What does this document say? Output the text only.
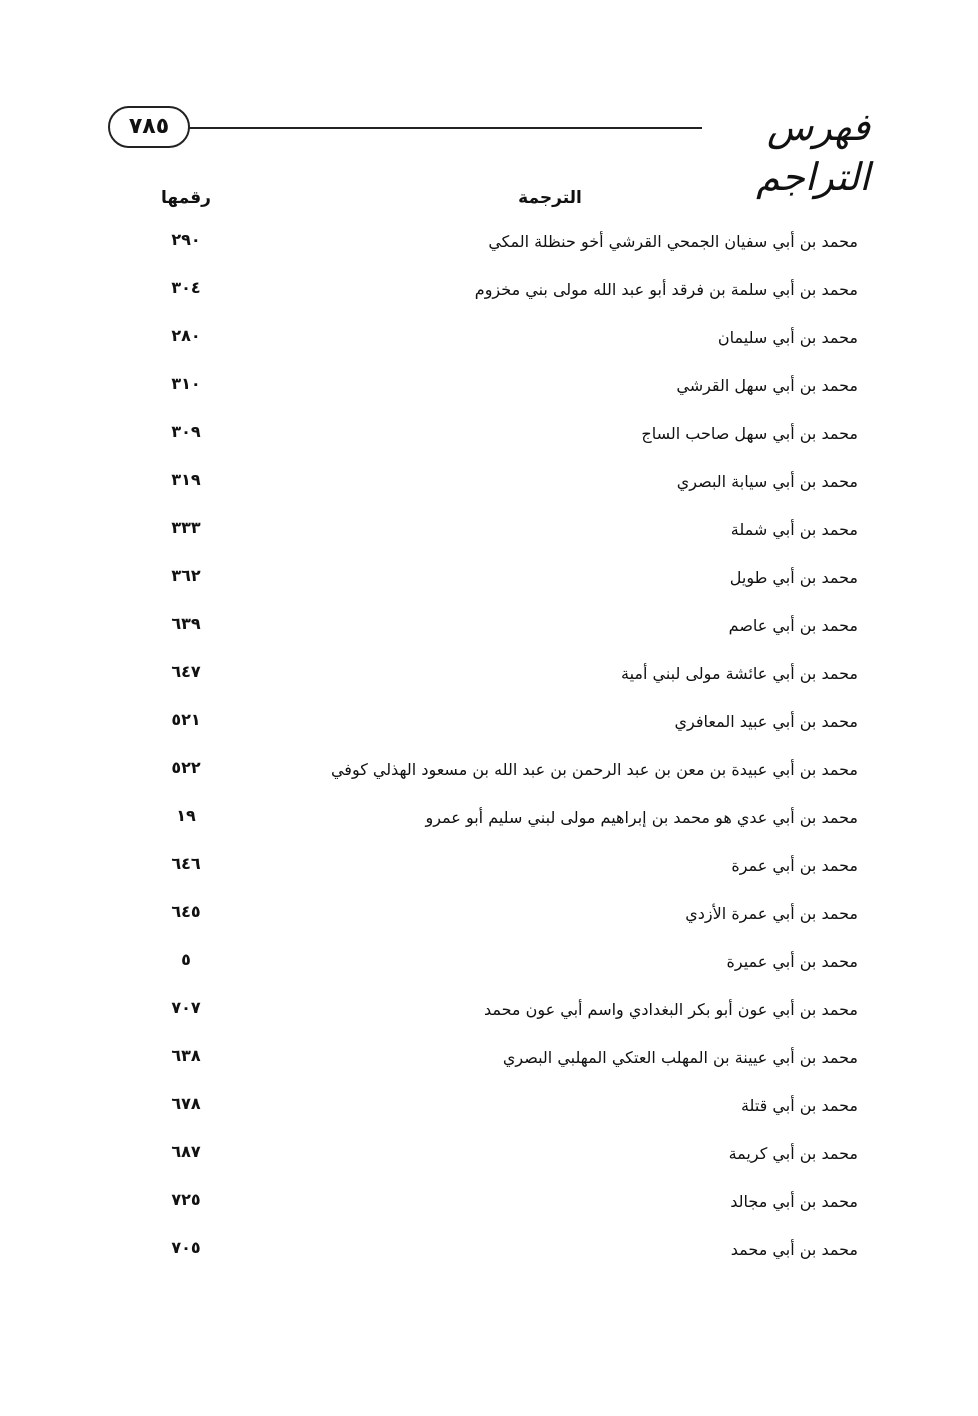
فهرس التراجم
٧٨٥
الترجمة
رقمها
محمد بن أبي سفيان الجمحي القرشي أخو حنظلة المكي
٢٩٠
محمد بن أبي سلمة بن فرقد أبو عبد الله مولى بني مخزوم
٣٠٤
محمد بن أبي سليمان
٢٨٠
محمد بن أبي سهل القرشي
٣١٠
محمد بن أبي سهل صاحب الساج
٣٠٩
محمد بن أبي سيابة البصري
٣١٩
محمد بن أبي شملة
٣٣٣
محمد بن أبي طويل
٣٦٢
محمد بن أبي عاصم
٦٣٩
محمد بن أبي عائشة مولى لبني أمية
٦٤٧
محمد بن أبي عبيد المعافري
٥٢١
محمد بن أبي عبيدة بن معن بن عبد الرحمن بن عبد الله بن مسعود الهذلي كوفي
٥٢٢
محمد بن أبي عدي هو محمد بن إبراهيم مولى لبني سليم أبو عمرو
١٩
محمد بن أبي عمرة
٦٤٦
محمد بن أبي عمرة الأزدي
٦٤٥
محمد بن أبي عميرة
٥
محمد بن أبي عون أبو بكر البغدادي واسم أبي عون محمد
٧٠٧
محمد بن أبي عيينة بن المهلب العتكي المهلبي البصري
٦٣٨
محمد بن أبي قتلة
٦٧٨
محمد بن أبي كريمة
٦٨٧
محمد بن أبي مجالد
٧٢٥
محمد بن أبي محمد
٧٠٥
